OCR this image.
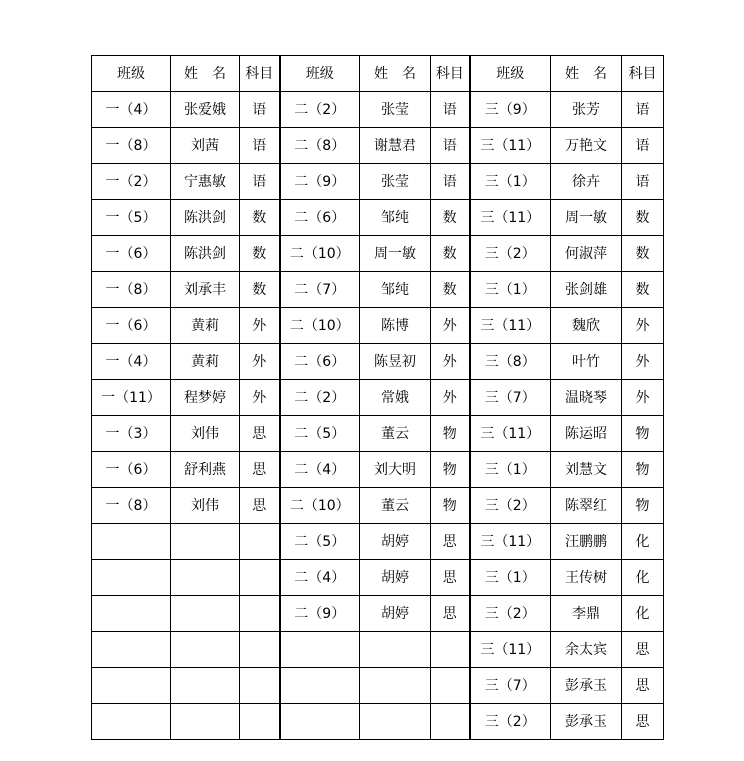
班级	姓　名	科目	班级	姓　名	科目	班级	姓　名	科目
一（4）	张爱娥	语	二（2）	张莹	语	三（9）	张芳	语
一（8）	刘茜	语	二（8）	谢慧君	语	三（11）	万艳文	语
一（2）	宁惠敏	语	二（9）	张莹	语	三（1）	徐卉	语
一（5）	陈洪剑	数	二（6）	邹纯	数	三（11）	周一敏	数
一（6）	陈洪剑	数	二（10）	周一敏	数	三（2）	何淑萍	数
一（8）	刘承丰	数	二（7）	邹纯	数	三（1）	张剑雄	数
一（6）	黄莉	外	二（10）	陈博	外	三（11）	魏欣	外
一（4）	黄莉	外	二（6）	陈昱初	外	三（8）	叶竹	外
一（11）	程梦婷	外	二（2）	常娥	外	三（7）	温晓琴	外
一（3）	刘伟	思	二（5）	董云	物	三（11）	陈运昭	物
一（6）	舒利燕	思	二（4）	刘大明	物	三（1）	刘慧文	物
一（8）	刘伟	思	二（10）	董云	物	三（2）	陈翠红	物
			二（5）	胡婷	思	三（11）	汪鹏鹏	化
			二（4）	胡婷	思	三（1）	王传树	化
			二（9）	胡婷	思	三（2）	李鼎	化
						三（11）	余太宾	思
						三（7）	彭承玉	思
						三（2）	彭承玉	思
